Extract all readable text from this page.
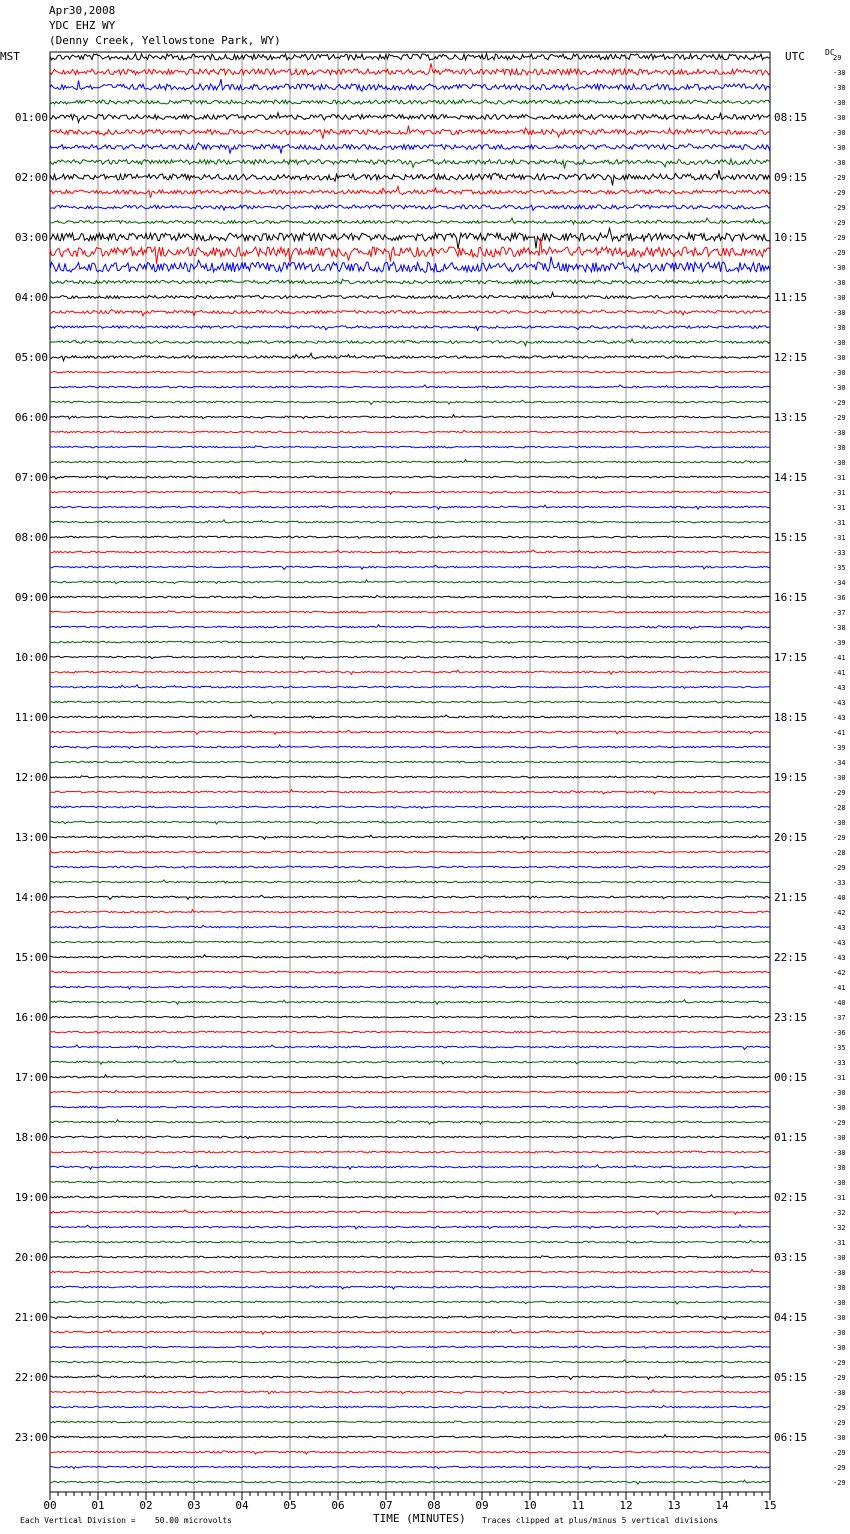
Apr30,2008
YDC EHZ WY
(Denny Creek, Yellowstone Park, WY)
MST	UTC	DC
00	01	02	03	04	05	06	07	08	09	10	11	12	13	14	15
29
-30
-30
-30
01:00	08:15	-30
-30
-30
-30
02:00	09:15	-29
-29
-29
-29
03:00	10:15	-29
-29
-30
-30
04:00	11:15	-30
-30
-30
-30
05:00	12:15	-30
-30
-30
-29
06:00	13:15	-29
-30
-30
-30
07:00	14:15	-31
-31
-31
-31
08:00	15:15	-31
-33
-35
-34
09:00	16:15	-36
-37
-38
-39
10:00	17:15	-41
-41
-43
-43
11:00	18:15	-43
-41
-39
-34
12:00	19:15	-30
-29
-28
-30
13:00	20:15	-29
-28
-29
-33
14:00	21:15	-40
-42
-43
-43
15:00	22:15	-43
-42
-41
-40
16:00	23:15	-37
-36
-35
-33
17:00	00:15	-31
-30
-30
-29
18:00	01:15	-30
-30
-30
-30
19:00	02:15	-31
-32
-32
-31
20:00	03:15	-30
-30
-30
-30
21:00	04:15	-30
-30
-30
-29
22:00	05:15	-29
-30
-29
-29
23:00	06:15	-30
-29
-29
-29
Each Vertical Division =    50.00 microvolts	TIME (MINUTES) Traces clipped at plus/minus 5 vertical divisions
